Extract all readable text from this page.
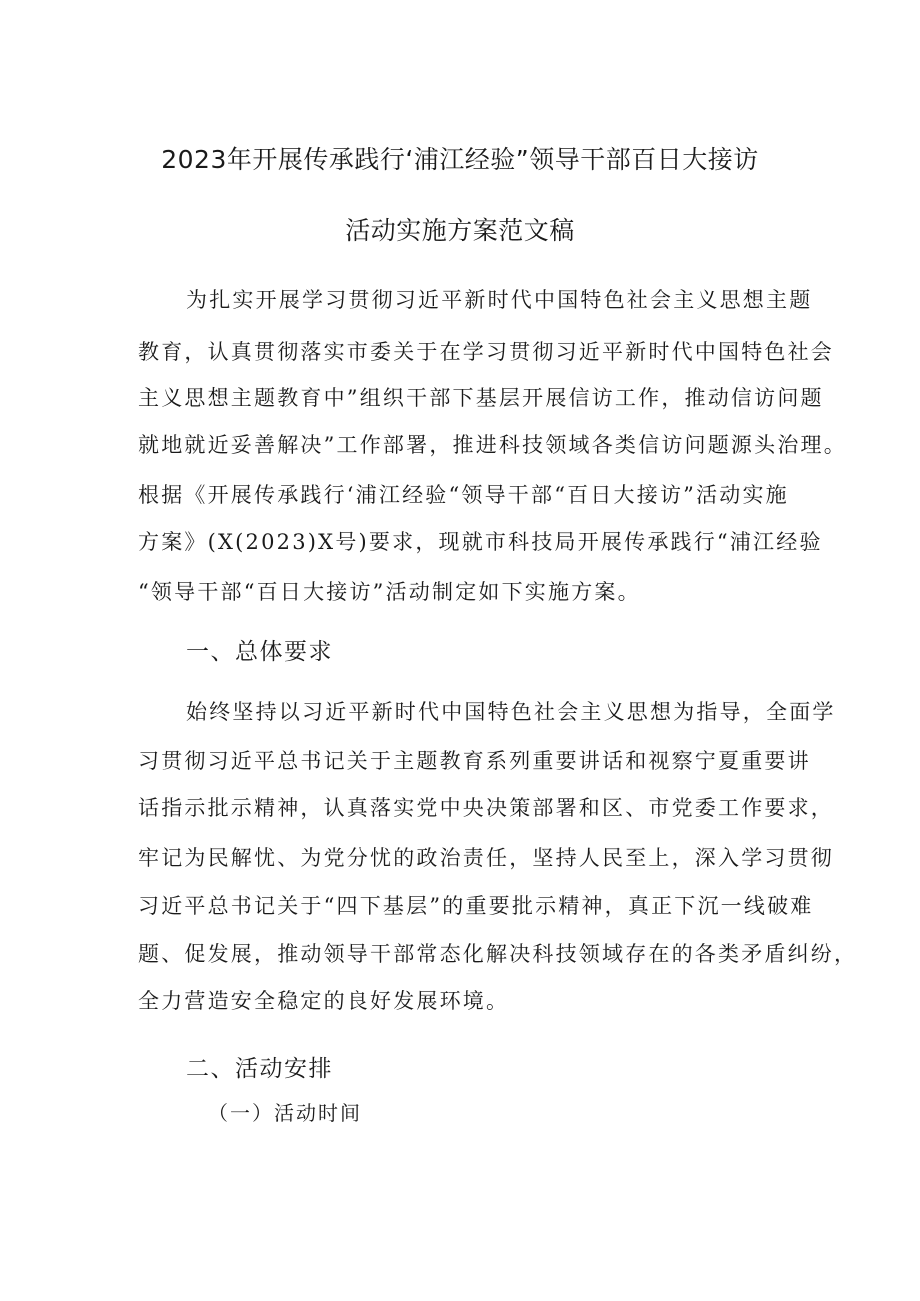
2023年开展传承践行‘浦江经验”领导干部百日大接访
活动实施方案范文稿
为扎实开展学习贯彻习近平新时代中国特色社会主义思想主题
教育，认真贯彻落实市委关于在学习贯彻习近平新时代中国特色社会
主义思想主题教育中”组织干部下基层开展信访工作，推动信访问题
就地就近妥善解决”工作部署，推进科技领域各类信访问题源头治理。
根据《开展传承践行‘浦江经验“领导干部“百日大接访”活动实施
方案》(X(2023)X号)要求，现就市科技局开展传承践行“浦江经验
“领导干部“百日大接访”活动制定如下实施方案。
一、总体要求
始终坚持以习近平新时代中国特色社会主义思想为指导，全面学
习贯彻习近平总书记关于主题教育系列重要讲话和视察宁夏重要讲
话指示批示精神，认真落实党中央决策部署和区、市党委工作要求，
牢记为民解忧、为党分忧的政治责任，坚持人民至上，深入学习贯彻
习近平总书记关于“四下基层”的重要批示精神，真正下沉一线破难
题、促发展，推动领导干部常态化解决科技领域存在的各类矛盾纠纷，
全力营造安全稳定的良好发展环境。
二、活动安排
（一）活动时间
